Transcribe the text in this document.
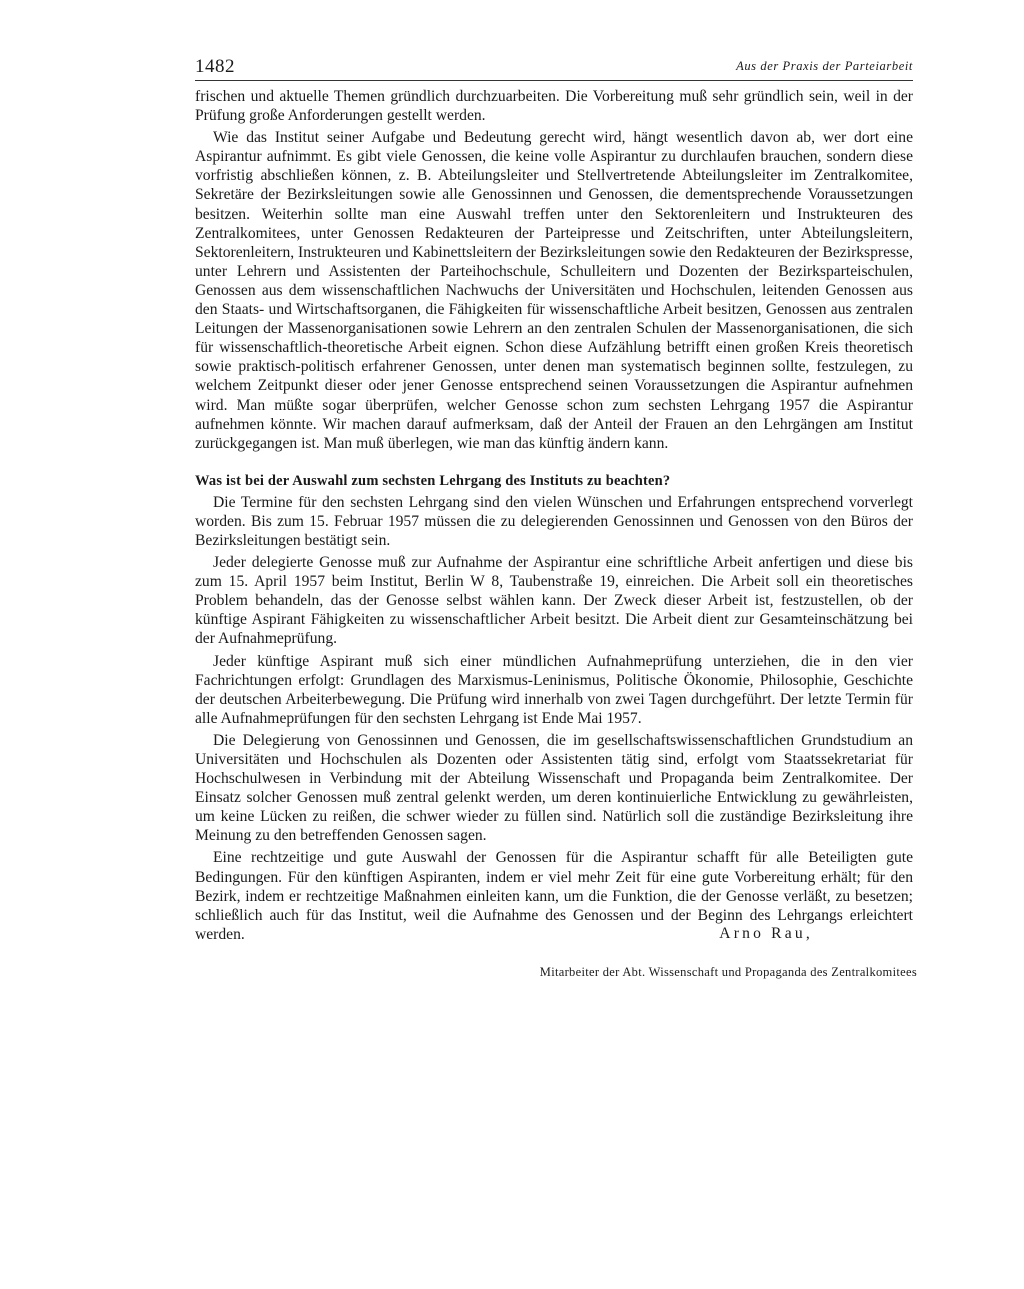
1482	Aus der Praxis der Parteiarbeit

frischen und aktuelle Themen gründlich durchzuarbeiten. Die Vorbereitung muß sehr gründlich sein, weil in der Prüfung große Anforderungen gestellt werden.

Wie das Institut seiner Aufgabe und Bedeutung gerecht wird, hängt wesentlich davon ab, wer dort eine Aspirantur aufnimmt. Es gibt viele Genossen, die keine volle Aspirantur zu durchlaufen brauchen, sondern diese vorfristig abschließen können, z. B. Abteilungsleiter und Stellvertretende Abteilungsleiter im Zentralkomitee, Sekretäre der Bezirksleitungen sowie alle Genossinnen und Genossen, die dementsprechende Voraussetzungen besitzen. Weiterhin sollte man eine Auswahl treffen unter den Sektorenleitern und Instrukteuren des Zentralkomitees, unter Genossen Redakteuren der Parteipresse und Zeitschriften, unter Abteilungsleitern, Sektorenleitern, Instrukteuren und Kabinettsleitern der Bezirksleitungen sowie den Redakteuren der Bezirkspresse, unter Lehrern und Assistenten der Parteihochschule, Schulleitern und Dozenten der Bezirksparteischulen, Genossen aus dem wissenschaftlichen Nachwuchs der Universitäten und Hochschulen, leitenden Genossen aus den Staats- und Wirtschaftsorganen, die Fähigkeiten für wissenschaftliche Arbeit besitzen, Genossen aus zentralen Leitungen der Massenorganisationen sowie Lehrern an den zentralen Schulen der Massenorganisationen, die sich für wissenschaftlich-theoretische Arbeit eignen. Schon diese Aufzählung betrifft einen großen Kreis theoretisch sowie praktisch-politisch erfahrener Genossen, unter denen man systematisch beginnen sollte, festzulegen, zu welchem Zeitpunkt dieser oder jener Genosse entsprechend seinen Voraussetzungen die Aspirantur aufnehmen wird. Man müßte sogar überprüfen, welcher Genosse schon zum sechsten Lehrgang 1957 die Aspirantur aufnehmen könnte. Wir machen darauf aufmerksam, daß der Anteil der Frauen an den Lehrgängen am Institut zurückgegangen ist. Man muß überlegen, wie man das künftig ändern kann.

Was ist bei der Auswahl zum sechsten Lehrgang des Instituts zu beachten?

Die Termine für den sechsten Lehrgang sind den vielen Wünschen und Erfahrungen entsprechend vorverlegt worden. Bis zum 15. Februar 1957 müssen die zu delegierenden Genossinnen und Genossen von den Büros der Bezirksleitungen bestätigt sein.

Jeder delegierte Genosse muß zur Aufnahme der Aspirantur eine schriftliche Arbeit anfertigen und diese bis zum 15. April 1957 beim Institut, Berlin W 8, Taubenstraße 19, einreichen. Die Arbeit soll ein theoretisches Problem behandeln, das der Genosse selbst wählen kann. Der Zweck dieser Arbeit ist, festzustellen, ob der künftige Aspirant Fähigkeiten zu wissenschaftlicher Arbeit besitzt. Die Arbeit dient zur Gesamteinschätzung bei der Aufnahmeprüfung.

Jeder künftige Aspirant muß sich einer mündlichen Aufnahmeprüfung unterziehen, die in den vier Fachrichtungen erfolgt: Grundlagen des Marxismus-Leninismus, Politische Ökonomie, Philosophie, Geschichte der deutschen Arbeiterbewegung. Die Prüfung wird innerhalb von zwei Tagen durchgeführt. Der letzte Termin für alle Aufnahmeprüfungen für den sechsten Lehrgang ist Ende Mai 1957.

Die Delegierung von Genossinnen und Genossen, die im gesellschaftswissenschaftlichen Grundstudium an Universitäten und Hochschulen als Dozenten oder Assistenten tätig sind, erfolgt vom Staatssekretariat für Hochschulwesen in Verbindung mit der Abteilung Wissenschaft und Propaganda beim Zentralkomitee. Der Einsatz solcher Genossen muß zentral gelenkt werden, um deren kontinuierliche Entwicklung zu gewährleisten, um keine Lücken zu reißen, die schwer wieder zu füllen sind. Natürlich soll die zuständige Bezirksleitung ihre Meinung zu den betreffenden Genossen sagen.

Eine rechtzeitige und gute Auswahl der Genossen für die Aspirantur schafft für alle Beteiligten gute Bedingungen. Für den künftigen Aspiranten, indem er viel mehr Zeit für eine gute Vorbereitung erhält; für den Bezirk, indem er rechtzeitige Maßnahmen einleiten kann, um die Funktion, die der Genosse verläßt, zu besetzen; schließlich auch für das Institut, weil die Aufnahme des Genossen und der Beginn des Lehrgangs erleichtert werden.	Arno Rau,
Mitarbeiter der Abt. Wissenschaft und Propaganda des Zentralkomitees
